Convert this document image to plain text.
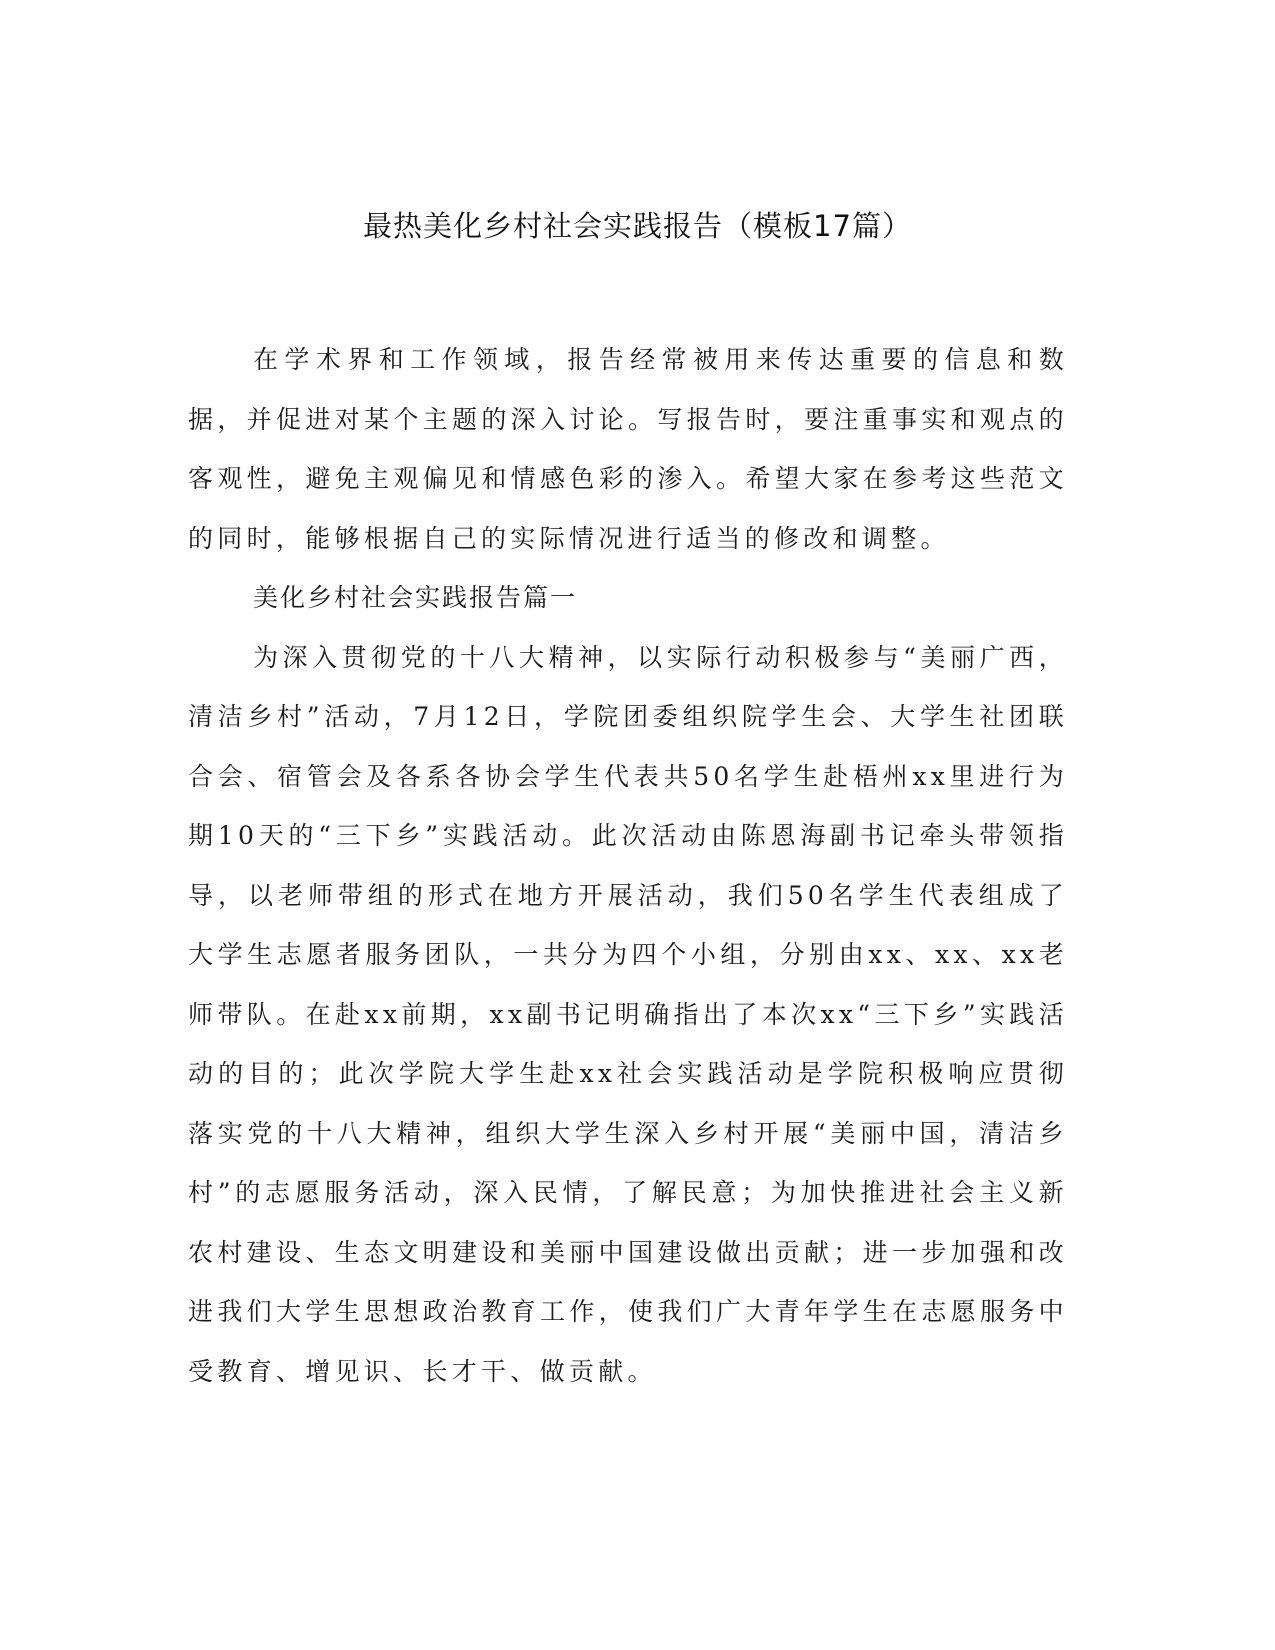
最热美化乡村社会实践报告（模板17篇）

在学术界和工作领域，报告经常被用来传达重要的信息和数据，并促进对某个主题的深入讨论。写报告时，要注重事实和观点的客观性，避免主观偏见和情感色彩的渗入。希望大家在参考这些范文的同时，能够根据自己的实际情况进行适当的修改和调整。

美化乡村社会实践报告篇一

为深入贯彻党的十八大精神，以实际行动积极参与“美丽广西，清洁乡村”活动，7月12日，学院团委组织院学生会、大学生社团联合会、宿管会及各系各协会学生代表共50名学生赴梧州xx里进行为期10天的“三下乡”实践活动。此次活动由陈恩海副书记牵头带领指导，以老师带组的形式在地方开展活动，我们50名学生代表组成了大学生志愿者服务团队，一共分为四个小组，分别由xx、xx、xx老师带队。在赴xx前期，xx副书记明确指出了本次xx“三下乡”实践活动的目的；此次学院大学生赴xx社会实践活动是学院积极响应贯彻落实党的十八大精神，组织大学生深入乡村开展“美丽中国，清洁乡村”的志愿服务活动，深入民情，了解民意；为加快推进社会主义新农村建设、生态文明建设和美丽中国建设做出贡献；进一步加强和改进我们大学生思想政治教育工作，使我们广大青年学生在志愿服务中受教育、增见识、长才干、做贡献。
